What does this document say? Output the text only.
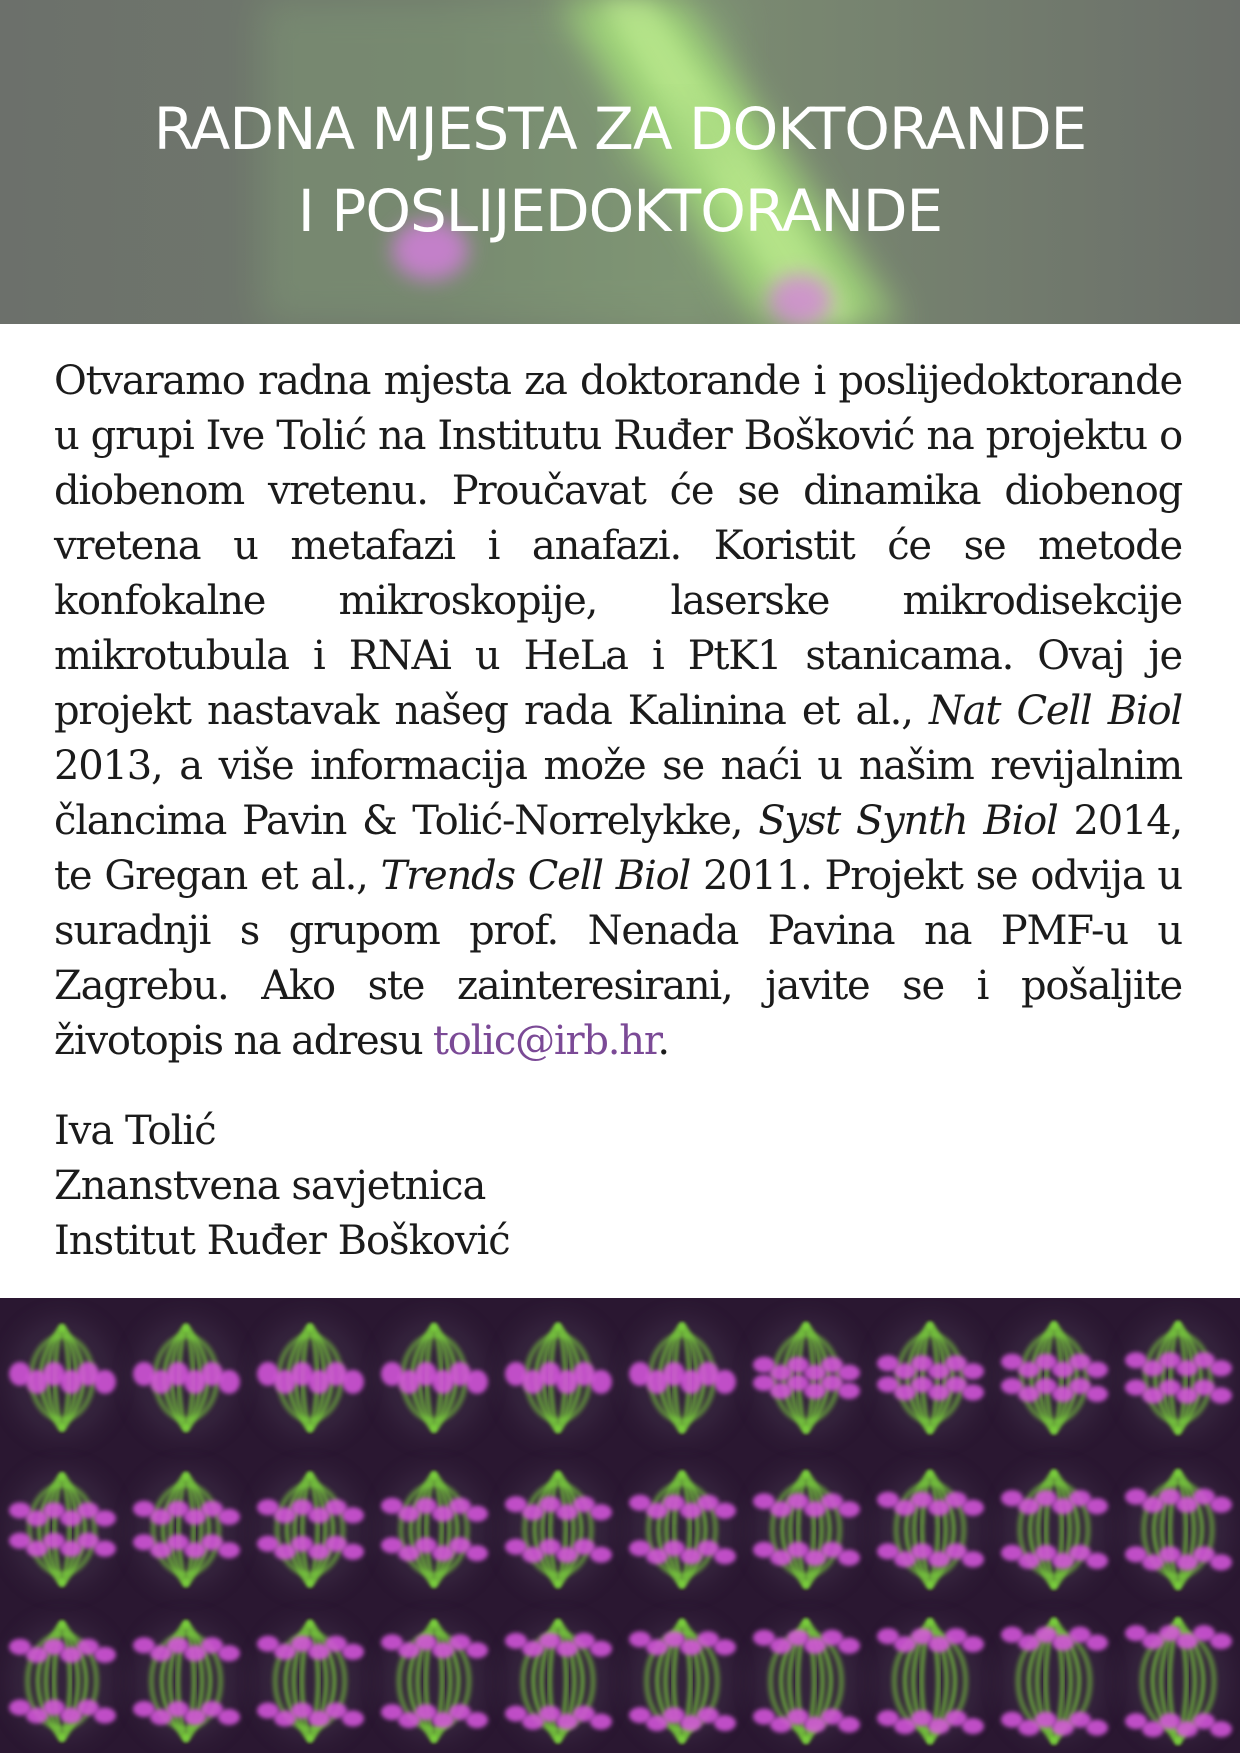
RADNA MJESTA ZA DOKTORANDE
I POSLIJEDOKTORANDE

Otvaramo radna mjesta za doktorande i poslijedoktorande u grupi Ive Tolić na Institutu Ruđer Bošković na projektu o diobenom vretenu. Proučavat će se dinamika diobenog vretena u metafazi i anafazi. Koristit će se metode konfokalne mikroskopije, laserske mikrodisekcije mikrotubula i RNAi u HeLa i PtK1 stanicama. Ovaj je projekt nastavak našeg rada Kalinina et al., Nat Cell Biol 2013, a više informacija može se naći u našim revijalnim člancima Pavin & Tolić-Norrelykke, Syst Synth Biol 2014, te Gregan et al., Trends Cell Biol 2011. Projekt se odvija u suradnji s grupom prof. Nenada Pavina na PMF-u u Zagrebu. Ako ste zainteresirani, javite se i pošaljite životopis na adresu tolic@irb.hr.

Iva Tolić
Znanstvena savjetnica
Institut Ruđer Bošković
